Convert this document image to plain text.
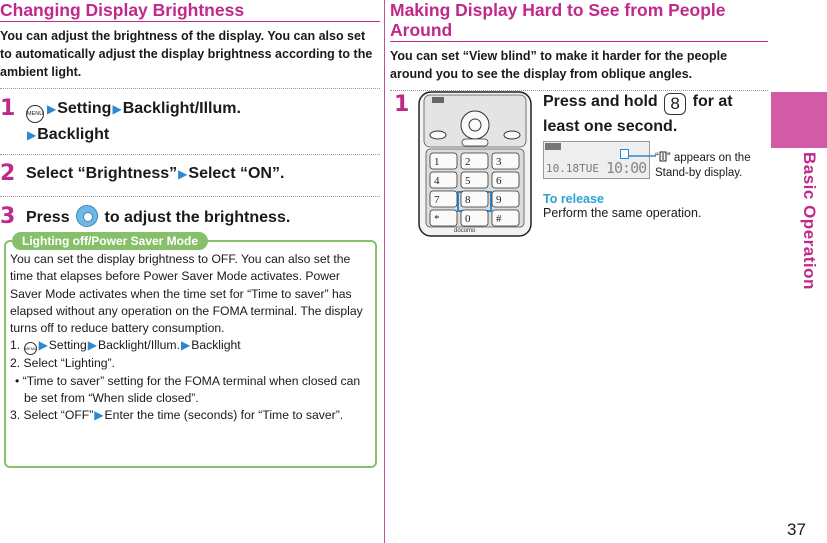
Changing Display Brightness
You can adjust the brightness of the display. You can also set to automatically adjust the display brightness according to the ambient light.
1	MENU ▶Setting▶Backlight/Illum.
▶Backlight
2 Select “Brightness”▶Select “ON”.
3 Press to adjust the brightness.
Lighting off/Power Saver Mode

You can set the display brightness to OFF. You can also set the time that elapses before Power Saver Mode activates. Power Saver Mode activates when the time set for “Time to saver” has elapsed without any operation on the FOMA terminal. The display turns off to reduce battery consumption.

1. MENU ▶Setting▶Backlight/Illum.▶Backlight

2. Select “Lighting”.

• “Time to saver” setting for the FOMA terminal when closed can be set from “When slide closed”.

3. Select “OFF”▶Enter the time (seconds) for “Time to saver”.

Making Display Hard to See from People Around
You can set “View blind” to make it harder for the people around you to see the display from oblique angles.
1
docomo
1 2 3
4 5 6
7 8 9
* 0 #
Press and hold 8 for at least one second.
10.18TUE 10:00
“ ” appears on the Stand-by display.
To release
Perform the same operation.	Basic Operation
37
